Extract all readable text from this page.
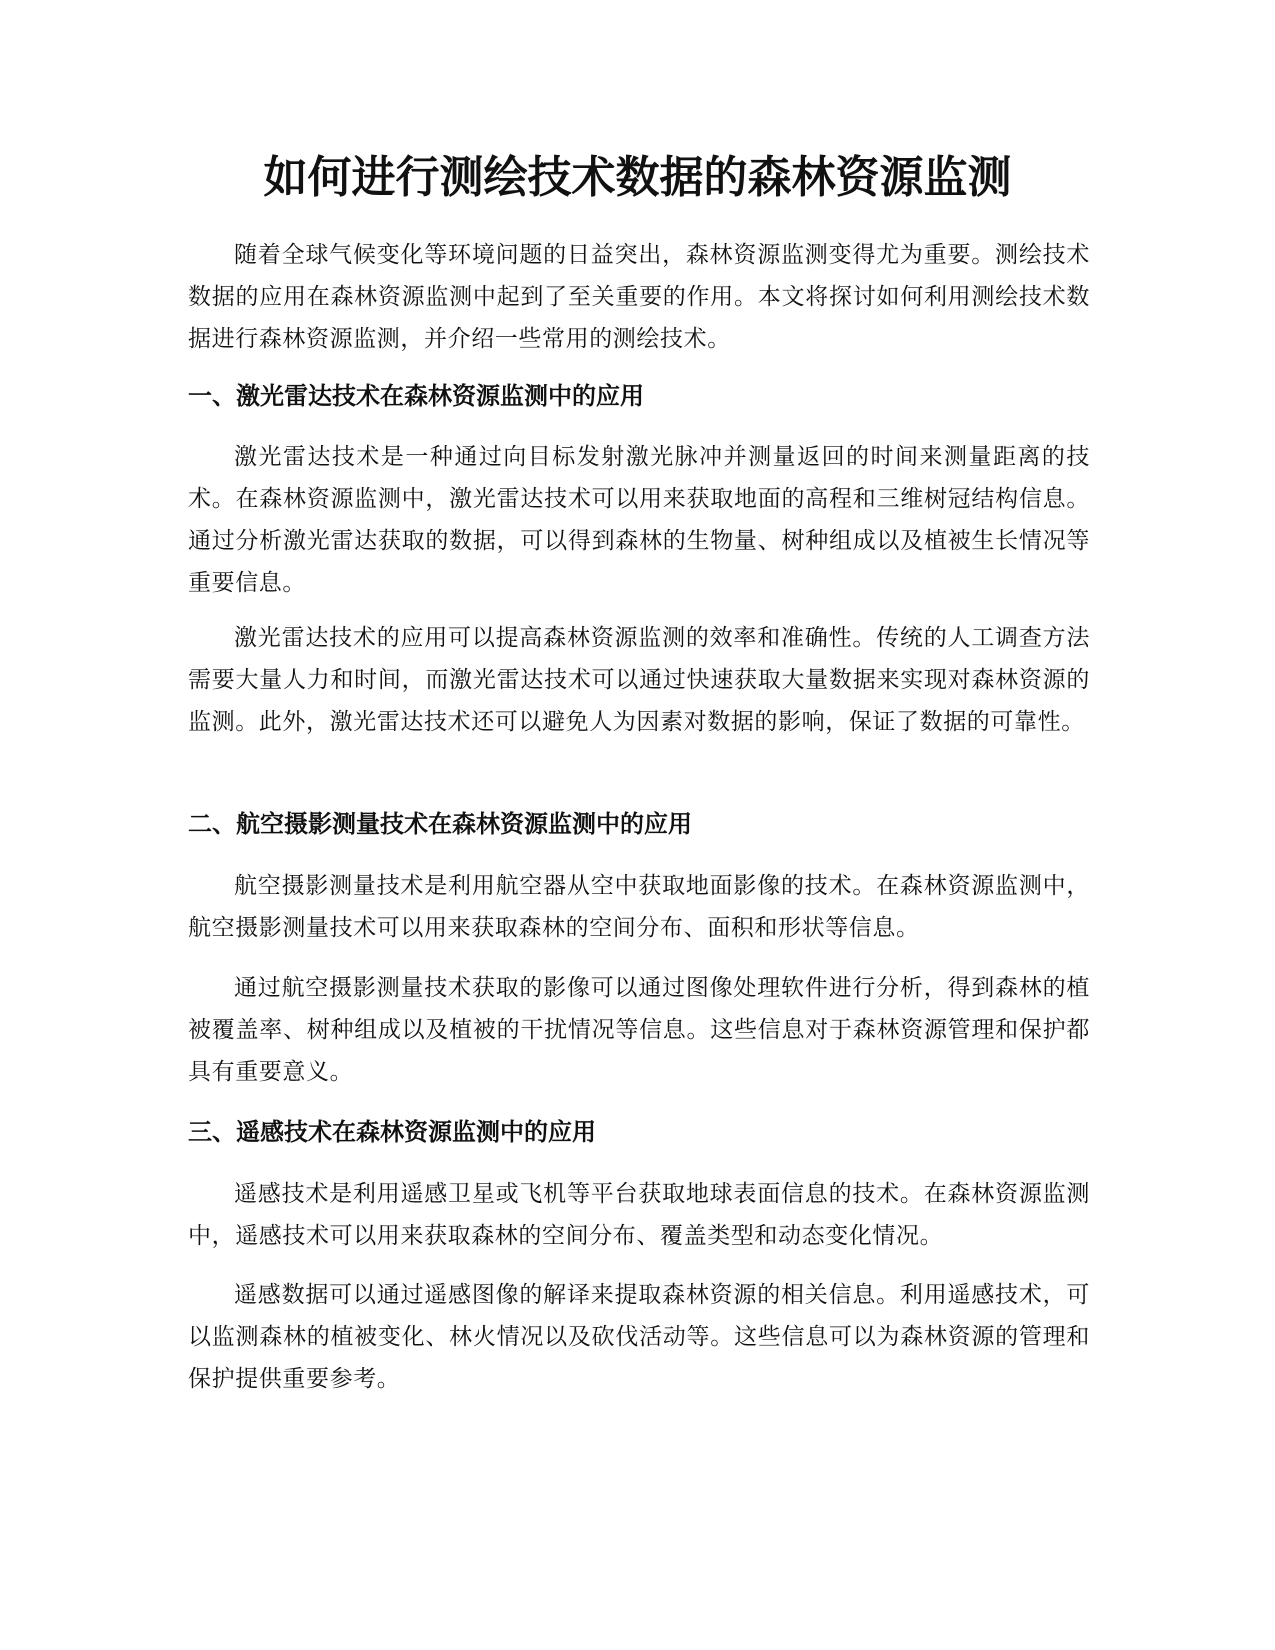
如何进行测绘技术数据的森林资源监测

随着全球气候变化等环境问题的日益突出，森林资源监测变得尤为重要。测绘技术数据的应用在森林资源监测中起到了至关重要的作用。本文将探讨如何利用测绘技术数据进行森林资源监测，并介绍一些常用的测绘技术。

一、激光雷达技术在森林资源监测中的应用

激光雷达技术是一种通过向目标发射激光脉冲并测量返回的时间来测量距离的技术。在森林资源监测中，激光雷达技术可以用来获取地面的高程和三维树冠结构信息。通过分析激光雷达获取的数据，可以得到森林的生物量、树种组成以及植被生长情况等重要信息。

激光雷达技术的应用可以提高森林资源监测的效率和准确性。传统的人工调查方法需要大量人力和时间，而激光雷达技术可以通过快速获取大量数据来实现对森林资源的监测。此外，激光雷达技术还可以避免人为因素对数据的影响，保证了数据的可靠性。

二、航空摄影测量技术在森林资源监测中的应用

航空摄影测量技术是利用航空器从空中获取地面影像的技术。在森林资源监测中，航空摄影测量技术可以用来获取森林的空间分布、面积和形状等信息。

通过航空摄影测量技术获取的影像可以通过图像处理软件进行分析，得到森林的植被覆盖率、树种组成以及植被的干扰情况等信息。这些信息对于森林资源管理和保护都具有重要意义。

三、遥感技术在森林资源监测中的应用

遥感技术是利用遥感卫星或飞机等平台获取地球表面信息的技术。在森林资源监测中，遥感技术可以用来获取森林的空间分布、覆盖类型和动态变化情况。

遥感数据可以通过遥感图像的解译来提取森林资源的相关信息。利用遥感技术，可以监测森林的植被变化、林火情况以及砍伐活动等。这些信息可以为森林资源的管理和保护提供重要参考。
